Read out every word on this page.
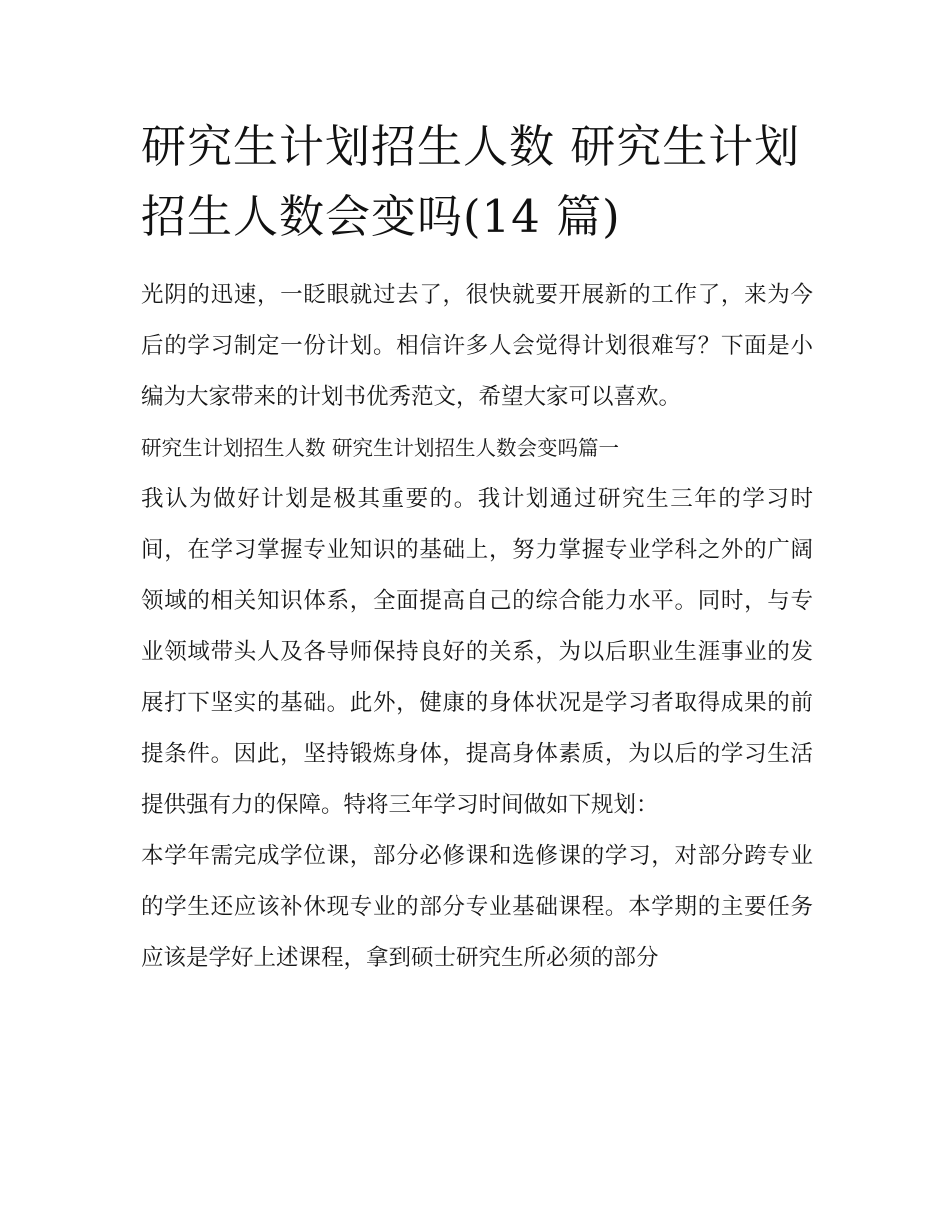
研究生计划招生人数 研究生计划招生人数会变吗(14 篇)

光阴的迅速，一眨眼就过去了，很快就要开展新的工作了，来为今后的学习制定一份计划。相信许多人会觉得计划很难写？下面是小编为大家带来的计划书优秀范文，希望大家可以喜欢。

研究生计划招生人数 研究生计划招生人数会变吗篇一

我认为做好计划是极其重要的。我计划通过研究生三年的学习时间，在学习掌握专业知识的基础上，努力掌握专业学科之外的广阔领域的相关知识体系，全面提高自己的综合能力水平。同时，与专业领域带头人及各导师保持良好的关系，为以后职业生涯事业的发展打下坚实的基础。此外，健康的身体状况是学习者取得成果的前提条件。因此，坚持锻炼身体，提高身体素质，为以后的学习生活提供强有力的保障。特将三年学习时间做如下规划：

本学年需完成学位课，部分必修课和选修课的学习，对部分跨专业的学生还应该补休现专业的部分专业基础课程。本学期的主要任务应该是学好上述课程，拿到硕士研究生所必须的部分
